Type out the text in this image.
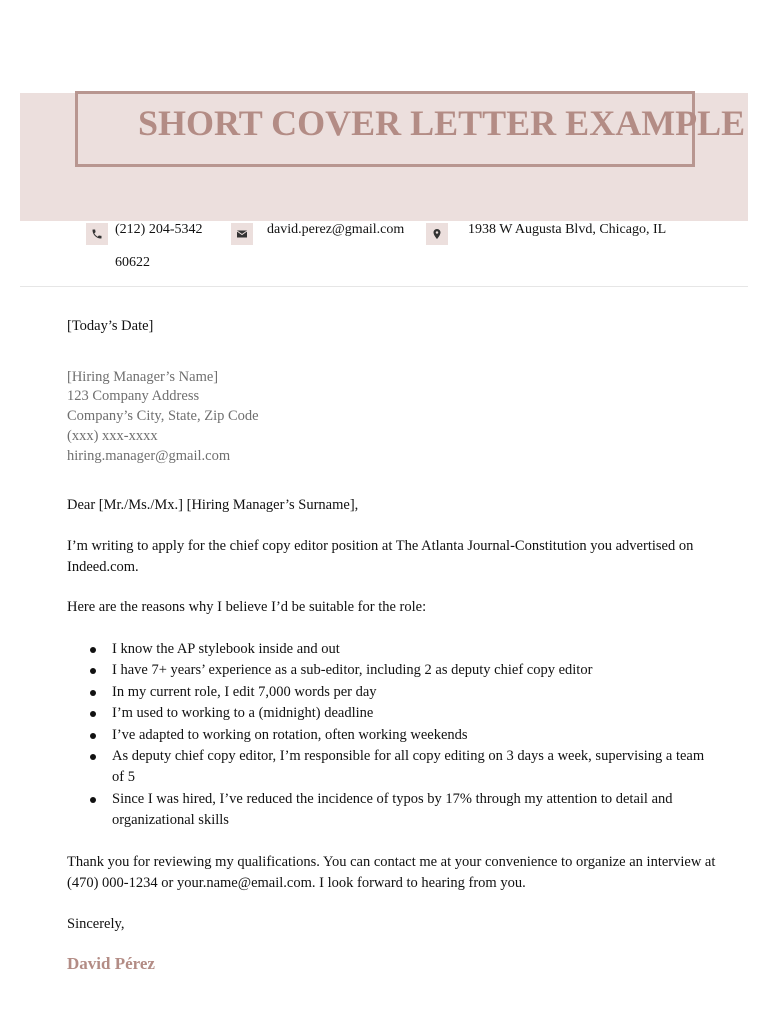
SHORT COVER LETTER EXAMPLE
(212) 204-5342	david.perez@gmail.com	1938 W Augusta Blvd, Chicago, IL
60622
[Today’s Date]
[Hiring Manager’s Name]
123 Company Address
Company’s City, State, Zip Code
(xxx) xxx-xxxx
hiring.manager@gmail.com
Dear [Mr./Ms./Mx.] [Hiring Manager’s Surname],
I’m writing to apply for the chief copy editor position at The Atlanta Journal-Constitution you advertised on Indeed.com.
Here are the reasons why I believe I’d be suitable for the role:
I know the AP stylebook inside and out
I have 7+ years’ experience as a sub-editor, including 2 as deputy chief copy editor
In my current role, I edit 7,000 words per day
I’m used to working to a (midnight) deadline
I’ve adapted to working on rotation, often working weekends
As deputy chief copy editor, I’m responsible for all copy editing on 3 days a week, supervising a team of 5
Since I was hired, I’ve reduced the incidence of typos by 17% through my attention to detail and organizational skills
Thank you for reviewing my qualifications. You can contact me at your convenience to organize an interview at (470) 000-1234 or your.name@email.com. I look forward to hearing from you.
Sincerely,
David Pérez
